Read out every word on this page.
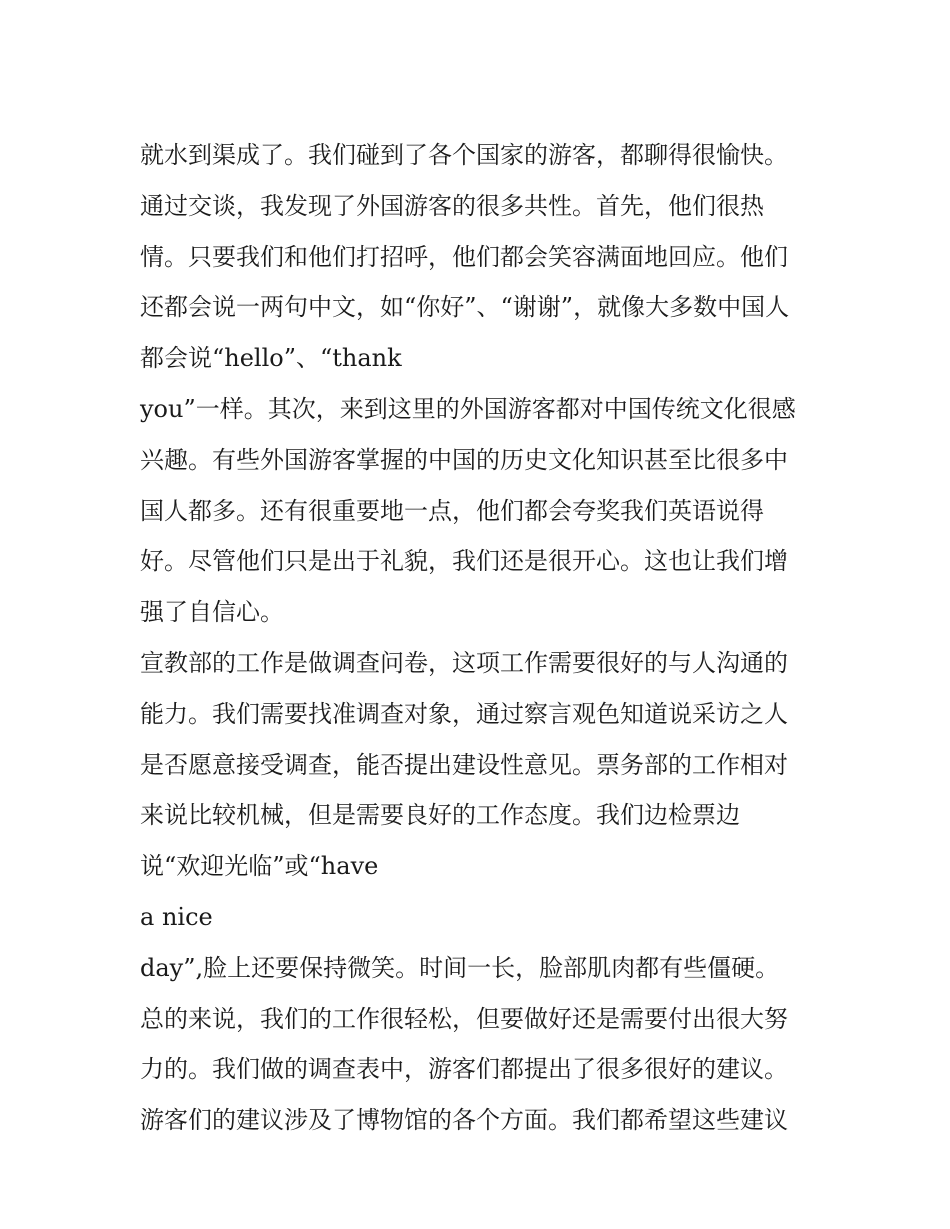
就水到渠成了。我们碰到了各个国家的游客，都聊得很愉快。
通过交谈，我发现了外国游客的很多共性。首先，他们很热
情。只要我们和他们打招呼，他们都会笑容满面地回应。他们
还都会说一两句中文，如“你好”、“谢谢”，就像大多数中国人
都会说“hello”、“thank
you”一样。其次，来到这里的外国游客都对中国传统文化很感
兴趣。有些外国游客掌握的中国的历史文化知识甚至比很多中
国人都多。还有很重要地一点，他们都会夸奖我们英语说得
好。尽管他们只是出于礼貌，我们还是很开心。这也让我们增
强了自信心。
宣教部的工作是做调查问卷，这项工作需要很好的与人沟通的
能力。我们需要找准调查对象，通过察言观色知道说采访之人
是否愿意接受调查，能否提出建设性意见。票务部的工作相对
来说比较机械，但是需要良好的工作态度。我们边检票边
说“欢迎光临”或“have
a nice
day”,脸上还要保持微笑。时间一长，脸部肌肉都有些僵硬。
总的来说，我们的工作很轻松，但要做好还是需要付出很大努
力的。我们做的调查表中，游客们都提出了很多很好的建议。
游客们的建议涉及了博物馆的各个方面。我们都希望这些建议
